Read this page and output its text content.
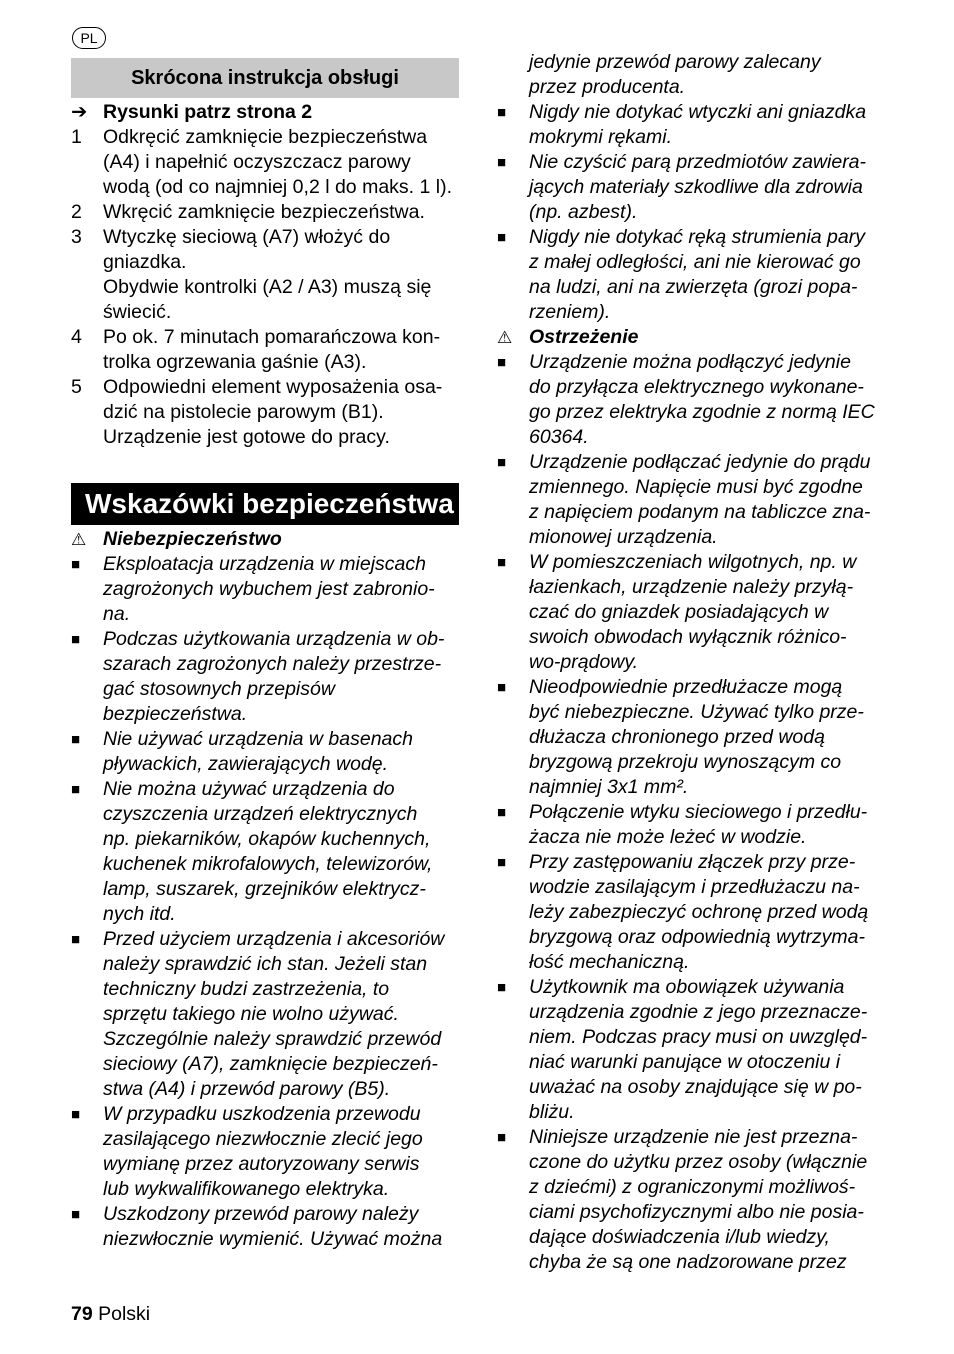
PL
Skrócona instrukcja obsługi
➔ Rysunki patrz strona 2
1	Odkręcić zamknięcie bezpieczeństwa
(A4) i napełnić oczyszczacz parowy
wodą (od co najmniej 0,2 l do maks. 1 l).
2	Wkręcić zamknięcie bezpieczeństwa.
3	Wtyczkę sieciową (A7) włożyć do
gniazdka.
Obydwie kontrolki (A2 / A3) muszą się
świecić.
4	Po ok. 7 minutach pomarańczowa kon-
trolka ogrzewania gaśnie (A3).
5	Odpowiedni element wyposażenia osa-
dzić na pistolecie parowym (B1).
Urządzenie jest gotowe do pracy.
Wskazówki bezpieczeństwa
⚠ Niebezpieczeństwo
■	Eksploatacja urządzenia w miejscach
zagrożonych wybuchem jest zabronio-
na.
■	Podczas użytkowania urządzenia w ob-
szarach zagrożonych należy przestrze-
gać stosownych przepisów
bezpieczeństwa.
■	Nie używać urządzenia w basenach
pływackich, zawierających wodę.
■	Nie można używać urządzenia do
czyszczenia urządzeń elektrycznych
np. piekarników, okapów kuchennych,
kuchenek mikrofalowych, telewizorów,
lamp, suszarek, grzejników elektrycz-
nych itd.
■	Przed użyciem urządzenia i akcesoriów
należy sprawdzić ich stan. Jeżeli stan
techniczny budzi zastrzeżenia, to
sprzętu takiego nie wolno używać.
Szczególnie należy sprawdzić przewód
sieciowy (A7), zamknięcie bezpieczeń-
stwa (A4) i przewód parowy (B5).
■	W przypadku uszkodzenia przewodu
zasilającego niezwłocznie zlecić jego
wymianę przez autoryzowany serwis
lub wykwalifikowanego elektryka.
■	Uszkodzony przewód parowy należy
niezwłocznie wymienić. Używać można
jedynie przewód parowy zalecany
przez producenta.
■	Nigdy nie dotykać wtyczki ani gniazdka
mokrymi rękami.
■	Nie czyścić parą przedmiotów zawiera-
jących materiały szkodliwe dla zdrowia
(np. azbest).
■	Nigdy nie dotykać ręką strumienia pary
z małej odległości, ani nie kierować go
na ludzi, ani na zwierzęta (grozi popa-
rzeniem).
⚠ Ostrzeżenie
■	Urządzenie można podłączyć jedynie
do przyłącza elektrycznego wykonane-
go przez elektryka zgodnie z normą IEC
60364.
■	Urządzenie podłączać jedynie do prądu
zmiennego. Napięcie musi być zgodne
z napięciem podanym na tabliczce zna-
mionowej urządzenia.
■	W pomieszczeniach wilgotnych, np. w
łazienkach, urządzenie należy przyłą-
czać do gniazdek posiadających w
swoich obwodach wyłącznik różnico-
wo-prądowy.
■	Nieodpowiednie przedłużacze mogą
być niebezpieczne. Używać tylko prze-
dłużacza chronionego przed wodą
bryzgową przekroju wynoszącym co
najmniej 3x1 mm².
■	Połączenie wtyku sieciowego i przedłu-
żacza nie może leżeć w wodzie.
■	Przy zastępowaniu złączek przy prze-
wodzie zasilającym i przedłużaczu na-
leży zabezpieczyć ochronę przed wodą
bryzgową oraz odpowiednią wytrzyma-
łość mechaniczną.
■	Użytkownik ma obowiązek używania
urządzenia zgodnie z jego przeznacze-
niem. Podczas pracy musi on uwzględ-
niać warunki panujące w otoczeniu i
uważać na osoby znajdujące się w po-
bliżu.
■	Niniejsze urządzenie nie jest przezna-
czone do użytku przez osoby (włącznie
z dziećmi) z ograniczonymi możliwoś-
ciami psychofizycznymi albo nie posia-
dające doświadczenia i/lub wiedzy,
chyba że są one nadzorowane przez
79 Polski
